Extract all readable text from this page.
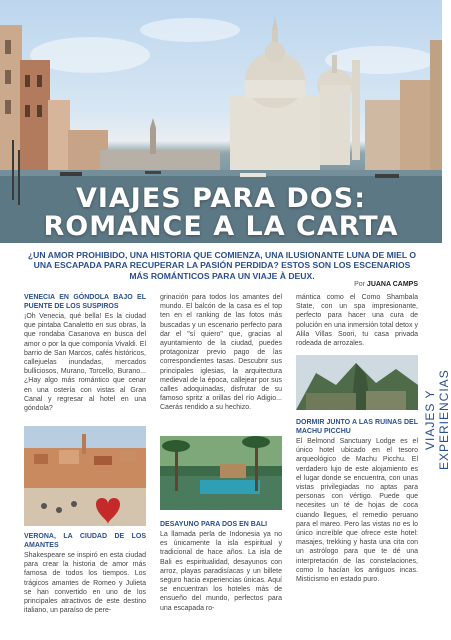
VIAJES PARA DOS:
ROMANCE A LA CARTA
¿UN AMOR PROHIBIDO, UNA HISTORIA QUE COMIENZA, UNA ILUSIONANTE LUNA DE MIEL O UNA ESCAPADA PARA RECUPERAR LA PASIÓN PERDIDA? ESTOS SON LOS ESCENARIOS MÁS ROMÁNTICOS PARA UN VIAJE À DEUX.
Por JUANA CAMPS
VENECIA EN GÓNDOLA BAJO EL PUENTE DE LOS SUSPIROS

¡Oh Venecia, qué bella! Es la ciudad que pintaba Canaletto en sus obras, la que rondaba Casanova en busca del amor o por la que componía Vivaldi. El barrio de San Marcos, cafés históricos, callejuelas inundadas, mercados bulliciosos, Murano, Torcello, Burano... ¿Hay algo más romántico que cenar en una ostería con vistas al Gran Canal y regresar al hotel en una góndola?

VERONA, LA CIUDAD DE LOS AMANTES

Shakespeare se inspiró en esta ciudad para crear la historia de amor más famosa de todos los tiempos. Los trágicos amantes de Romeo y Julieta se han convertido en uno de los principales atractivos de este destino italiano, un paraíso de pere-

grinación para todos los amantes del mundo. El balcón de la casa es el top ten en el ranking de las fotos más buscadas y un escenario perfecto para dar el "sí quiero" que, gracias al ayuntamiento de la ciudad, puedes protagonizar previo pago de las correspondientes tasas. Descubrir sus principales iglesias, la arquitectura medieval de la época, callejear por sus calles adoquinadas, disfrutar de su famoso spritz a orillas del río Adigio... Caerás rendido a su hechizo.

DESAYUNO PARA DOS EN BALI

La llamada perla de Indonesia ya no es únicamente la isla espiritual y tradicional de hace años. La isla de Bali es espiritualidad, desayunos con arroz, playas paradisíacas y un billete seguro hacia experiencias únicas. Aquí se encuentran los hoteles más de ensueño del mundo, perfectos para una escapada ro-

mántica como el Como Shambala State, con un spa impresionante, perfecto para hacer una cura de polución en una inmersión total detox y Alila Villas Soori, tu casa privada rodeada de arrozales.

DORMIR JUNTO A LAS RUINAS DEL MACHU PICCHU

El Belmond Sanctuary Lodge es el único hotel ubicado en el tesoro arqueológico de Machu Picchu. El verdadero lujo de este alojamiento es el lugar donde se encuentra, con unas vistas privilegiadas no aptas para personas con vértigo. Puede que necesites un té de hojas de coca cuando llegues, el remedio peruano para el mareo. Pero las vistas no es lo único increíble que ofrece este hotel: masajes, trekking y hasta una cita con un astrólogo para que te dé una interpretación de las constelaciones, como lo hacían los antiguos incas. Misticismo en estado puro.

VIAJES Y EXPERIENCIAS
